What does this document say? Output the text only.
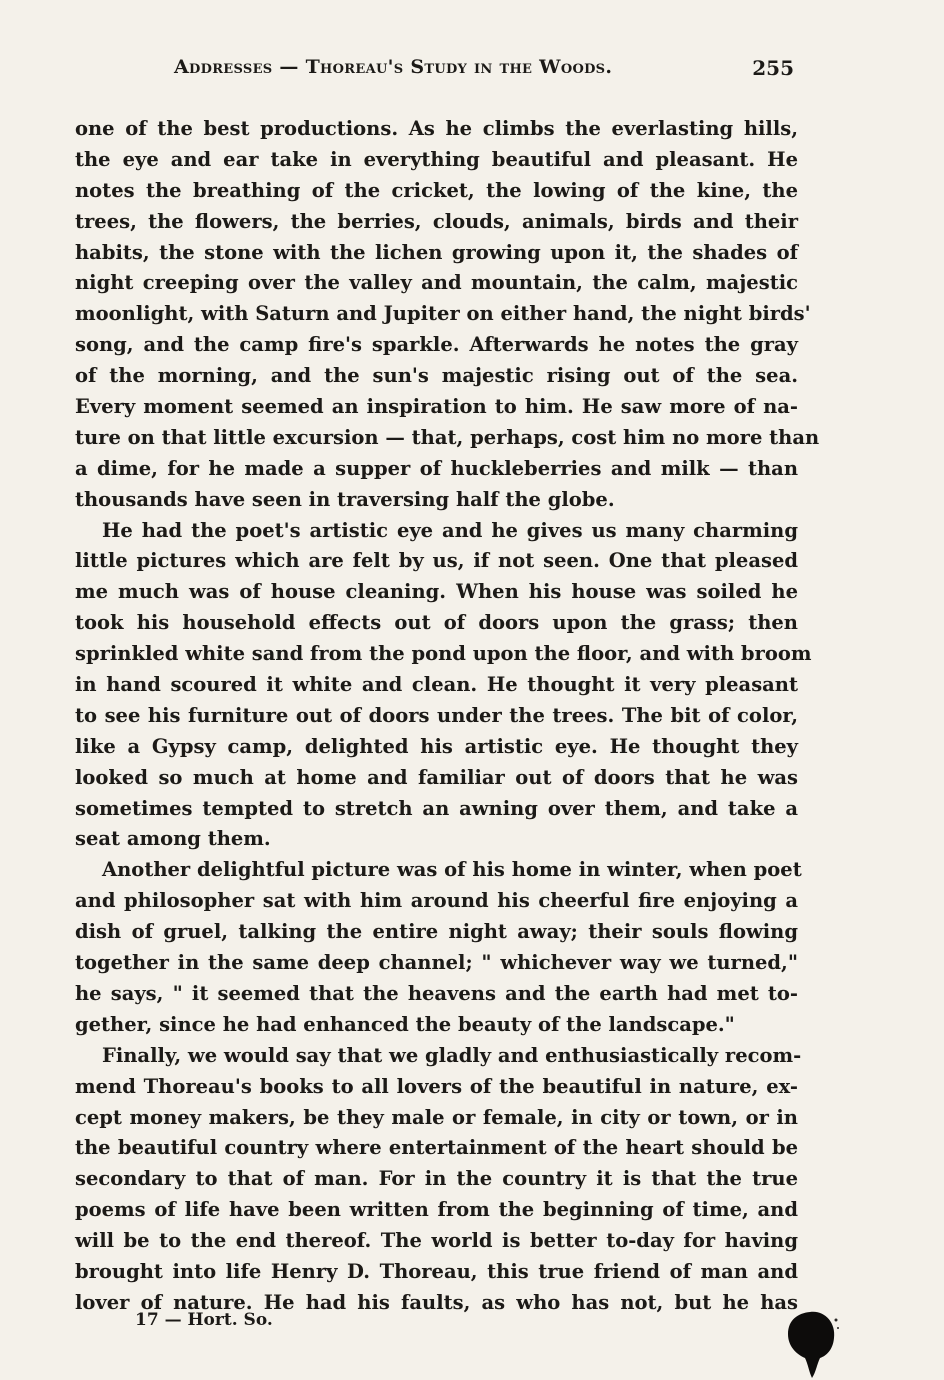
Addresses — Thoreau's Study in the Woods.	255
one of the best productions. As he climbs the everlasting hills,
the eye and ear take in everything beautiful and pleasant. He
notes the breathing of the cricket, the lowing of the kine, the
trees, the flowers, the berries, clouds, animals, birds and their
habits, the stone with the lichen growing upon it, the shades of
night creeping over the valley and mountain, the calm, majestic
moonlight, with Saturn and Jupiter on either hand, the night birds'
song, and the camp fire's sparkle. Afterwards he notes the gray
of the morning, and the sun's majestic rising out of the sea.
Every moment seemed an inspiration to him. He saw more of na-
ture on that little excursion — that, perhaps, cost him no more than
a dime, for he made a supper of huckleberries and milk — than
thousands have seen in traversing half the globe.
He had the poet's artistic eye and he gives us many charming
little pictures which are felt by us, if not seen. One that pleased
me much was of house cleaning. When his house was soiled he
took his household effects out of doors upon the grass; then
sprinkled white sand from the pond upon the floor, and with broom
in hand scoured it white and clean. He thought it very pleasant
to see his furniture out of doors under the trees. The bit of color,
like a Gypsy camp, delighted his artistic eye. He thought they
looked so much at home and familiar out of doors that he was
sometimes tempted to stretch an awning over them, and take a
seat among them.
Another delightful picture was of his home in winter, when poet
and philosopher sat with him around his cheerful fire enjoying a
dish of gruel, talking the entire night away; their souls flowing
together in the same deep channel; " whichever way we turned,"
he says, " it seemed that the heavens and the earth had met to-
gether, since he had enhanced the beauty of the landscape."
Finally, we would say that we gladly and enthusiastically recom-
mend Thoreau's books to all lovers of the beautiful in nature, ex-
cept money makers, be they male or female, in city or town, or in
the beautiful country where entertainment of the heart should be
secondary to that of man. For in the country it is that the true
poems of life have been written from the beginning of time, and
will be to the end thereof. The world is better to-day for having
brought into life Henry D. Thoreau, this true friend of man and
lover of nature. He had his faults, as who has not, but he has
17 — Hort. So.
